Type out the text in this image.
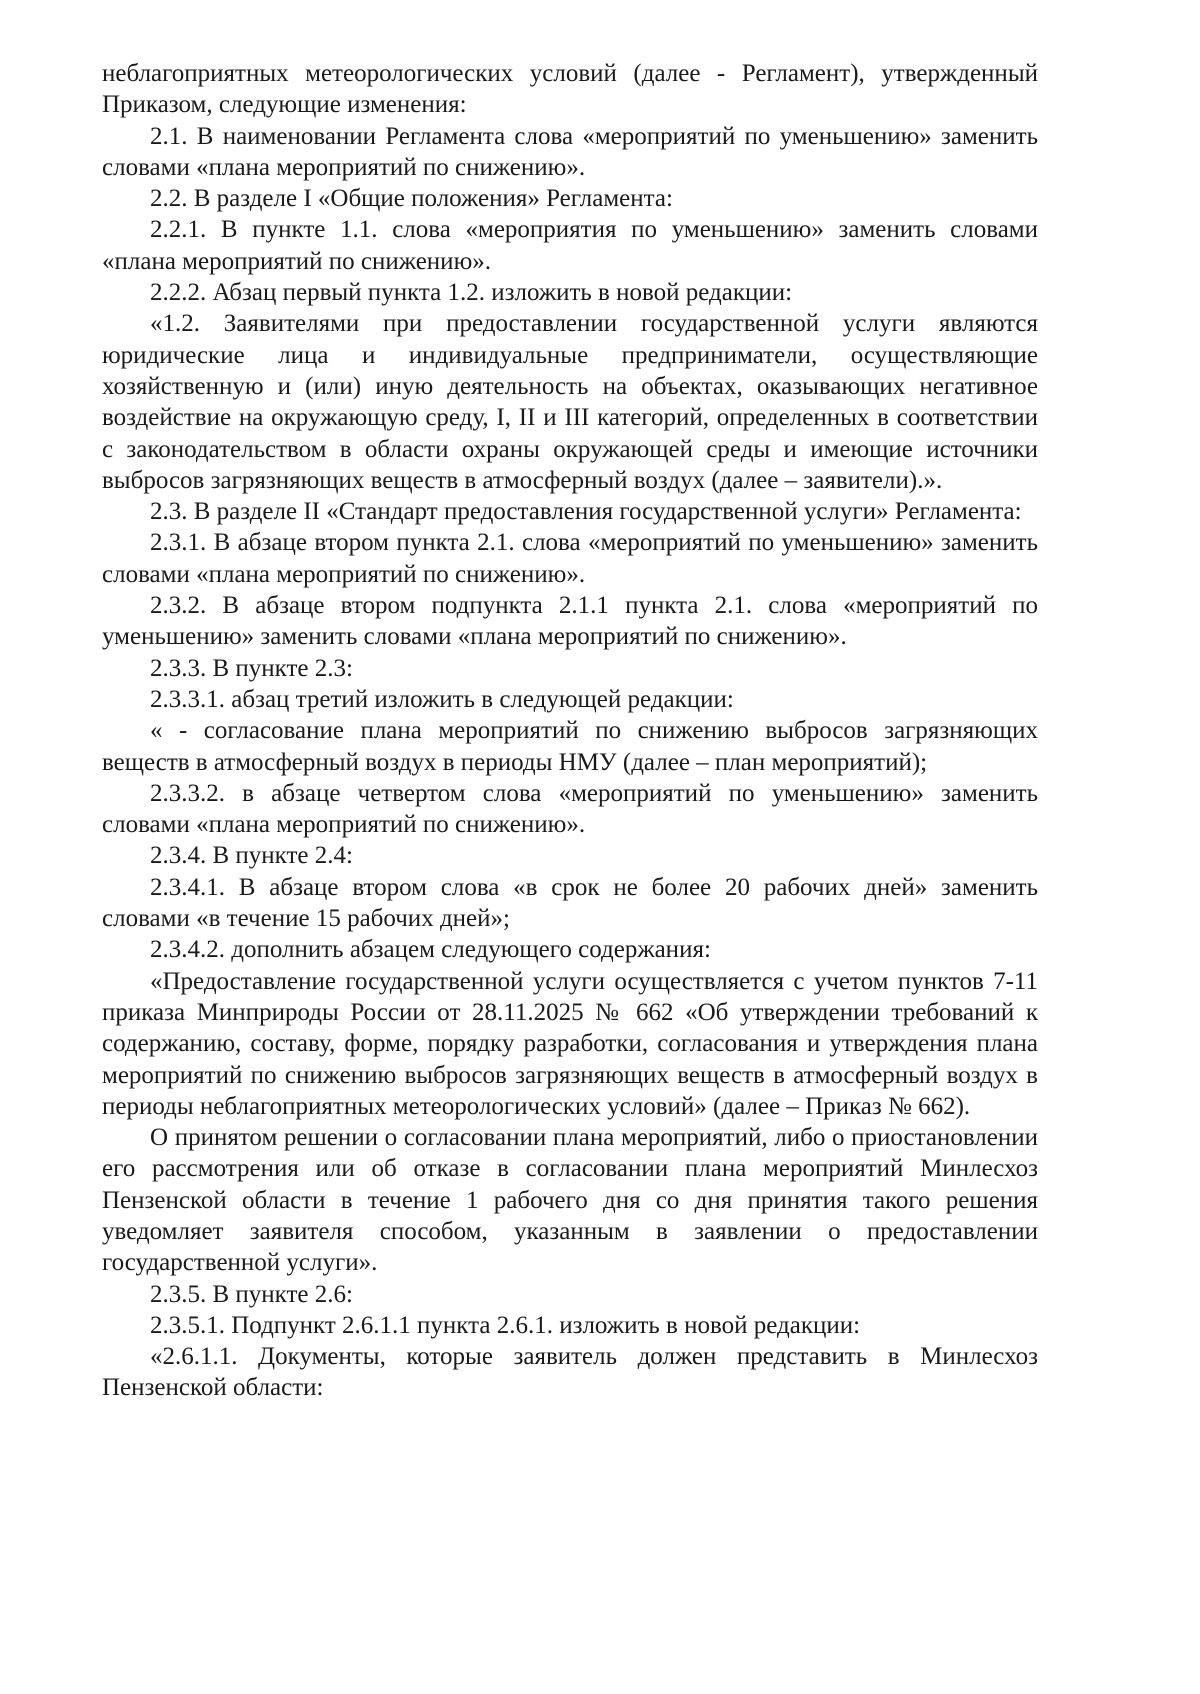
неблагоприятных метеорологических условий (далее - Регламент), утвержденный Приказом, следующие изменения:

2.1. В наименовании Регламента слова «мероприятий по уменьшению» заменить словами «плана мероприятий по снижению».

2.2. В разделе I «Общие положения» Регламента:

2.2.1. В пункте 1.1. слова «мероприятия по уменьшению» заменить словами «плана мероприятий по снижению».

2.2.2. Абзац первый пункта 1.2. изложить в новой редакции:

«1.2. Заявителями при предоставлении государственной услуги являются юридические лица и индивидуальные предприниматели, осуществляющие хозяйственную и (или) иную деятельность на объектах, оказывающих негативное воздействие на окружающую среду, I, II и III категорий, определенных в соответствии с законодательством в области охраны окружающей среды и имеющие источники выбросов загрязняющих веществ в атмосферный воздух (далее – заявители).».

2.3. В разделе II «Стандарт предоставления государственной услуги» Регламента:

2.3.1. В абзаце втором пункта 2.1. слова «мероприятий по уменьшению» заменить словами «плана мероприятий по снижению».

2.3.2. В абзаце втором подпункта 2.1.1 пункта 2.1. слова «мероприятий по уменьшению» заменить словами «плана мероприятий по снижению».

2.3.3. В пункте 2.3:

2.3.3.1. абзац третий изложить в следующей редакции:

« - согласование плана мероприятий по снижению выбросов загрязняющих веществ в атмосферный воздух в периоды НМУ (далее – план мероприятий);

2.3.3.2. в абзаце четвертом слова «мероприятий по уменьшению» заменить словами «плана мероприятий по снижению».

2.3.4. В пункте 2.4:

2.3.4.1. В абзаце втором слова «в срок не более 20 рабочих дней» заменить словами «в течение 15 рабочих дней»;

2.3.4.2. дополнить абзацем следующего содержания:

«Предоставление государственной услуги осуществляется с учетом пунктов 7-11 приказа Минприроды России от 28.11.2025 № 662 «Об утверждении требований к содержанию, составу, форме, порядку разработки, согласования и утверждения плана мероприятий по снижению выбросов загрязняющих веществ в атмосферный воздух в периоды неблагоприятных метеорологических условий» (далее – Приказ № 662).

О принятом решении о согласовании плана мероприятий, либо о приостановлении его рассмотрения или об отказе в согласовании плана мероприятий Минлесхоз Пензенской области в течение 1 рабочего дня со дня принятия такого решения уведомляет заявителя способом, указанным в заявлении о предоставлении государственной услуги».

2.3.5. В пункте 2.6:

2.3.5.1. Подпункт 2.6.1.1 пункта 2.6.1. изложить в новой редакции:

«2.6.1.1. Документы, которые заявитель должен представить в Минлесхоз Пензенской области:
